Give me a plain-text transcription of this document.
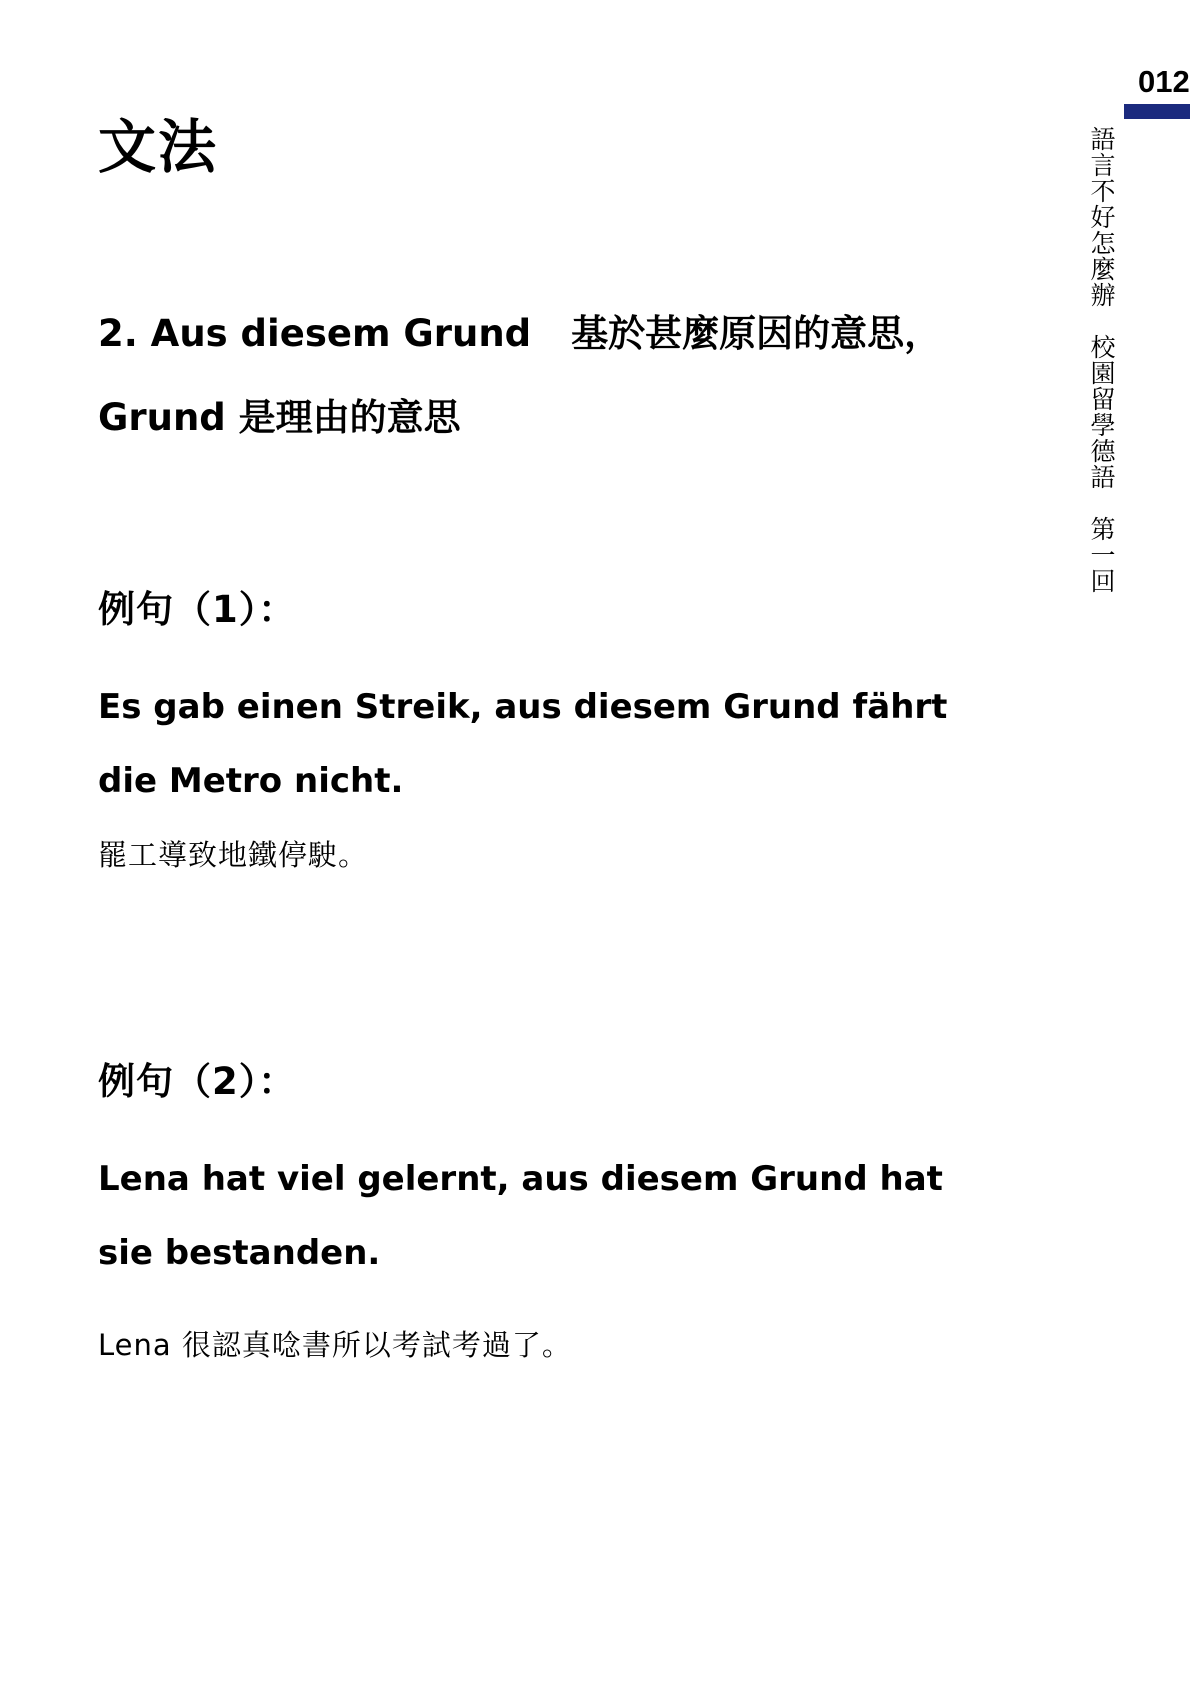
012
語言不好怎麼辦　校園留學德語　第一回
文法
2. Aus diesem Grund 基於甚麼原因的意思，
Grund 是理由的意思
例句（1）：
Es gab einen Streik, aus diesem Grund fährt die Metro nicht.
罷工導致地鐵停駛。
例句（2）：
Lena hat viel gelernt, aus diesem Grund hat sie bestanden.
Lena 很認真唸書所以考試考過了。
